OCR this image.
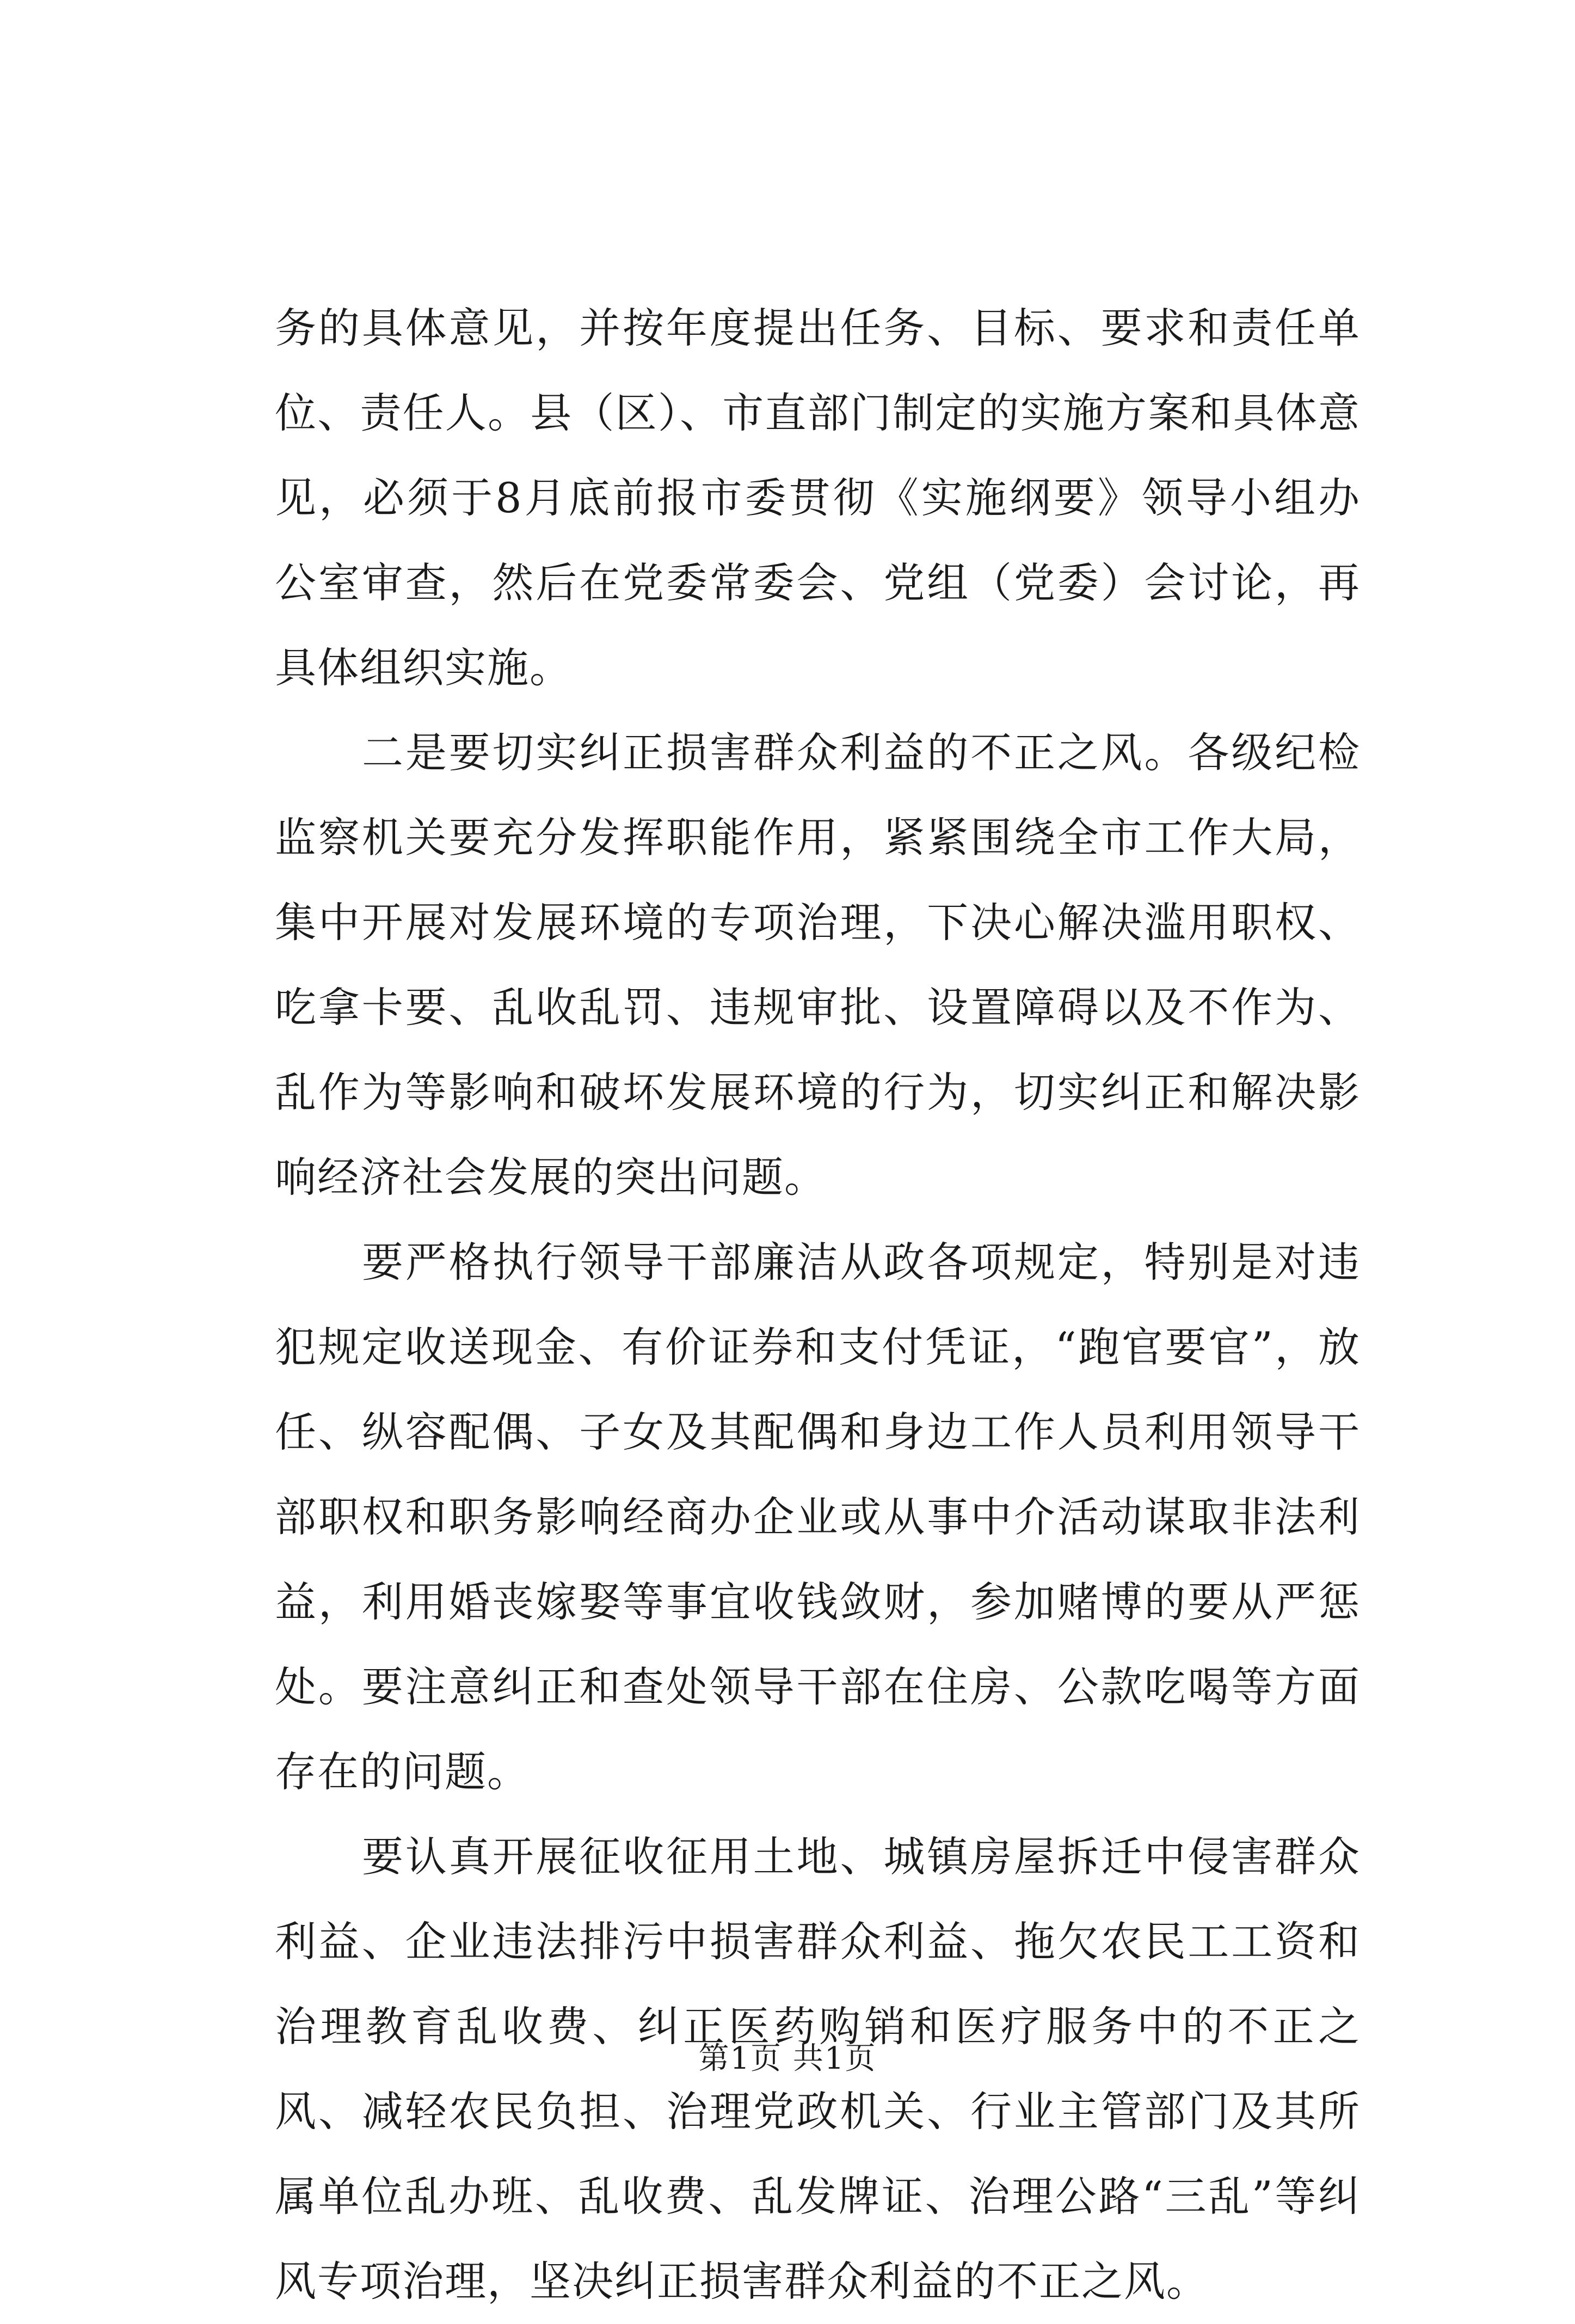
务的具体意见，并按年度提出任务、目标、要求和责任单位、责任人。县（区）、市直部门制定的实施方案和具体意见，必须于8月底前报市委贯彻《实施纲要》领导小组办公室审查，然后在党委常委会、党组（党委）会讨论，再具体组织实施。

二是要切实纠正损害群众利益的不正之风。各级纪检监察机关要充分发挥职能作用，紧紧围绕全市工作大局，集中开展对发展环境的专项治理，下决心解决滥用职权、吃拿卡要、乱收乱罚、违规审批、设置障碍以及不作为、乱作为等影响和破坏发展环境的行为，切实纠正和解决影响经济社会发展的突出问题。

要严格执行领导干部廉洁从政各项规定，特别是对违犯规定收送现金、有价证券和支付凭证，“跑官要官”，放任、纵容配偶、子女及其配偶和身边工作人员利用领导干部职权和职务影响经商办企业或从事中介活动谋取非法利益，利用婚丧嫁娶等事宜收钱敛财，参加赌博的要从严惩处。要注意纠正和查处领导干部在住房、公款吃喝等方面存在的问题。

要认真开展征收征用土地、城镇房屋拆迁中侵害群众利益、企业违法排污中损害群众利益、拖欠农民工工资和治理教育乱收费、纠正医药购销和医疗服务中的不正之风、减轻农民负担、治理党政机关、行业主管部门及其所属单位乱办班、乱收费、乱发牌证、治理公路“三乱”等纠风专项治理，坚决纠正损害群众利益的不正之风。

第1页 共1页
